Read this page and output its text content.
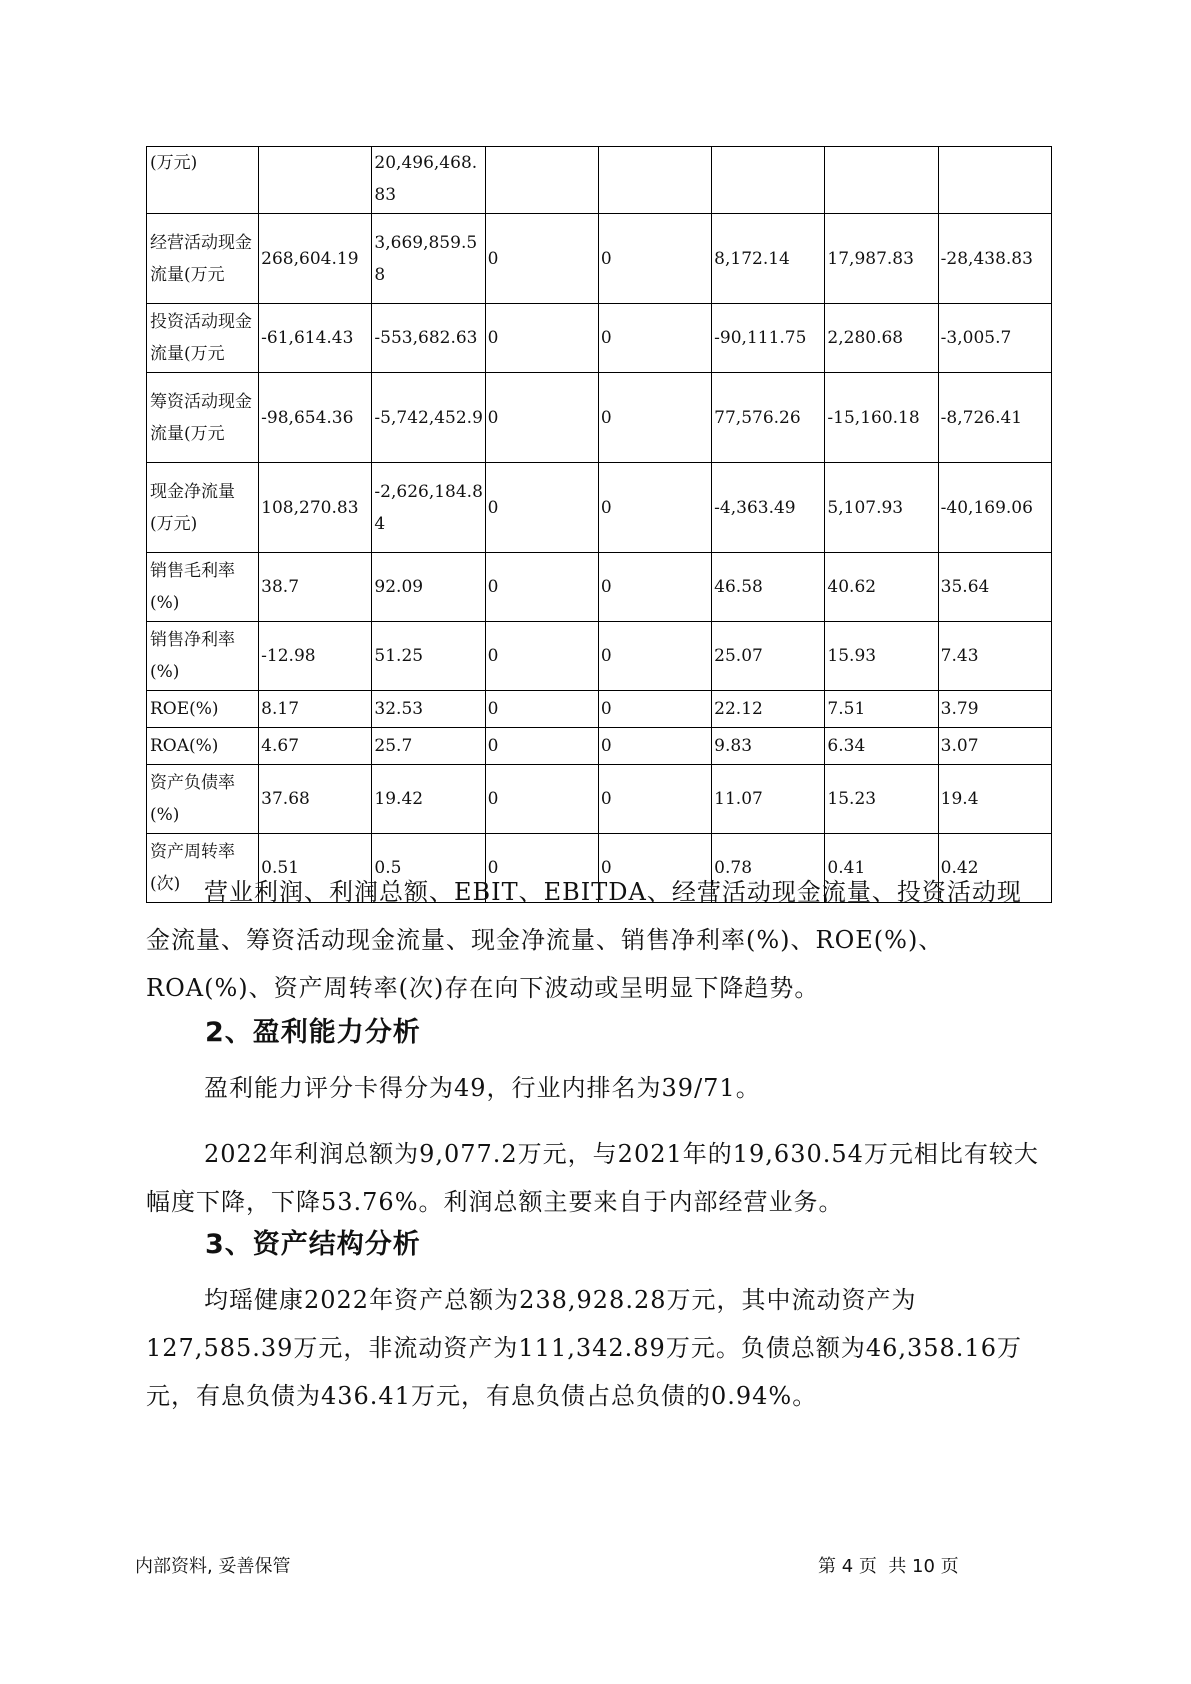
(万元)		20,496,468.83					
经营活动现金流量(万元	268,604.19	3,669,859.58	0	0	8,172.14	17,987.83	-28,438.83
投资活动现金流量(万元	-61,614.43	-553,682.63	0	0	-90,111.75	2,280.68	-3,005.7
筹资活动现金流量(万元	-98,654.36	-5,742,452.9	0	0	77,576.26	-15,160.18	-8,726.41
现金净流量(万元)	108,270.83	-2,626,184.84	0	0	-4,363.49	5,107.93	-40,169.06
销售毛利率(%)	38.7	92.09	0	0	46.58	40.62	35.64
销售净利率(%)	-12.98	51.25	0	0	25.07	15.93	7.43
ROE(%)	8.17	32.53	0	0	22.12	7.51	3.79
ROA(%)	4.67	25.7	0	0	9.83	6.34	3.07
资产负债率(%)	37.68	19.42	0	0	11.07	15.23	19.4
资产周转率(次)	0.51	0.5	0	0	0.78	0.41	0.42

营业利润、利润总额、EBIT、EBITDA、经营活动现金流量、投资活动现金流量、筹资活动现金流量、现金净流量、销售净利率(%)、ROE(%)、ROA(%)、资产周转率(次)存在向下波动或呈明显下降趋势。

2、盈利能力分析

盈利能力评分卡得分为49，行业内排名为39/71。

2022年利润总额为9,077.2万元，与2021年的19,630.54万元相比有较大幅度下降，下降53.76%。利润总额主要来自于内部经营业务。

3、资产结构分析

均瑶健康2022年资产总额为238,928.28万元，其中流动资产为127,585.39万元，非流动资产为111,342.89万元。负债总额为46,358.16万元，有息负债为436.41万元，有息负债占总负债的0.94%。

内部资料, 妥善保管	第 4 页  共 10 页
